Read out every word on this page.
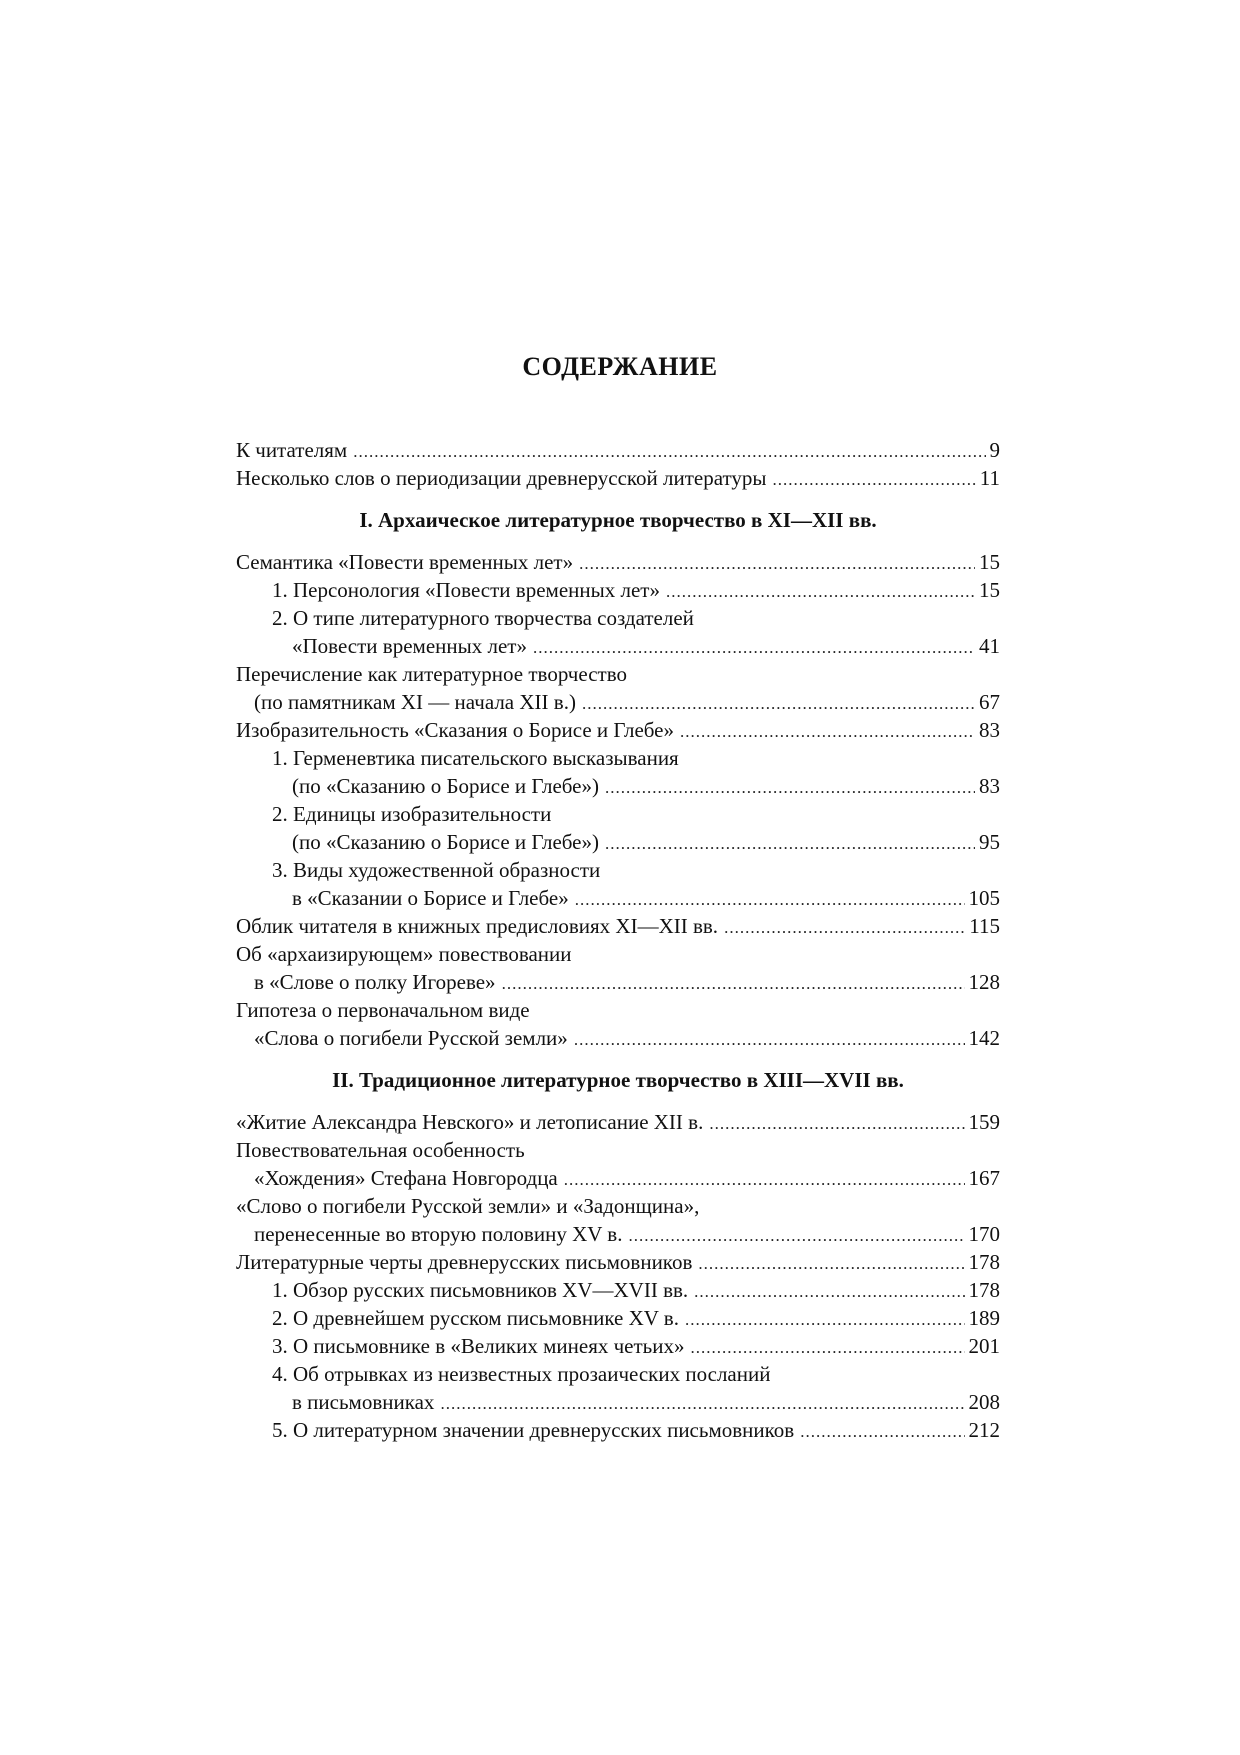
СОДЕРЖАНИЕ
К читателям .....	9
Несколько слов о периодизации древнерусской литературы .....	11
I. Архаическое литературное творчество в XI—XII вв.
Семантика «Повести временных лет» .....	15
1. Персонология «Повести временных лет» .....	15
2. О типе литературного творчества создателей
«Повести временных лет» .....	41
Перечисление как литературное творчество
(по памятникам XI — начала XII в.) .....	67
Изобразительность «Сказания о Борисе и Глебе» .....	83
1. Герменевтика писательского высказывания
(по «Сказанию о Борисе и Глебе») .....	83
2. Единицы изобразительности
(по «Сказанию о Борисе и Глебе») .....	95
3. Виды художественной образности
в «Сказании о Борисе и Глебе» .....	105
Облик читателя в книжных предисловиях XI—XII вв. .....	115
Об «архаизирующем» повествовании
в «Слове о полку Игореве» .....	128
Гипотеза о первоначальном виде
«Слова о погибели Русской земли» .....	142
II. Традиционное литературное творчество в XIII—XVII вв.
«Житие Александра Невского» и летописание XII в. .....	159
Повествовательная особенность
«Хождения» Стефана Новгородца .....	167
«Слово о погибели Русской земли» и «Задонщина»,
перенесенные во вторую половину XV в. .....	170
Литературные черты древнерусских письмовников .....	178
1. Обзор русских письмовников XV—XVII вв. .....	178
2. О древнейшем русском письмовнике XV в. .....	189
3. О письмовнике в «Великих минеях четьих» .....	201
4. Об отрывках из неизвестных прозаических посланий
в письмовниках .....	208
5. О литературном значении древнерусских письмовников .....	212
